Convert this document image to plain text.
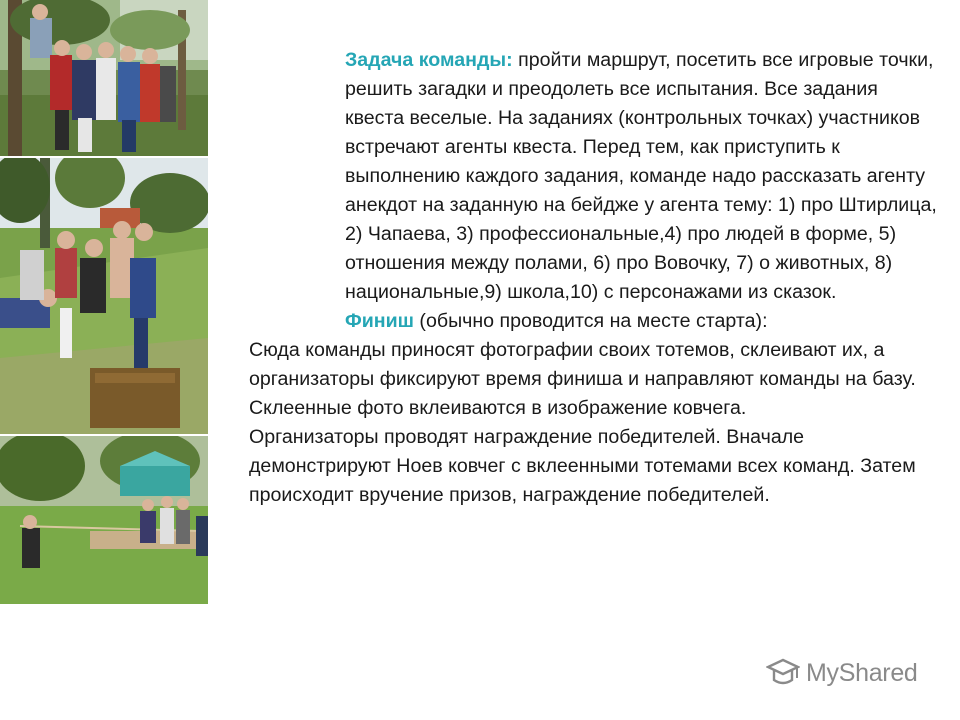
Задача команды: пройти маршрут, посетить все игровые точки, решить загадки и преодолеть все испытания. Все задания квеста веселые. На заданиях (контрольных точках) участников встречают агенты квеста. Перед тем, как приступить к выполнению каждого задания, команде надо рассказать агенту анекдот на заданную на бейдже у агента тему: 1) про Штирлица, 2) Чапаева, 3) профессиональные,4) про людей в форме, 5) отношения между полами, 6) про Вовочку, 7) о животных, 8) национальные,9) школа,10) с персонажами из сказок.

Финиш (обычно проводится на месте старта):

Сюда команды приносят фотографии своих тотемов, склеивают их, а организаторы фиксируют время финиша и направляют команды на базу. Склеенные фото вклеиваются в изображение ковчега.

Организаторы проводят награждение победителей. Вначале демонстрируют Ноев ковчег с вклеенными тотемами всех команд. Затем происходит вручение призов, награждение победителей.

MyShared
